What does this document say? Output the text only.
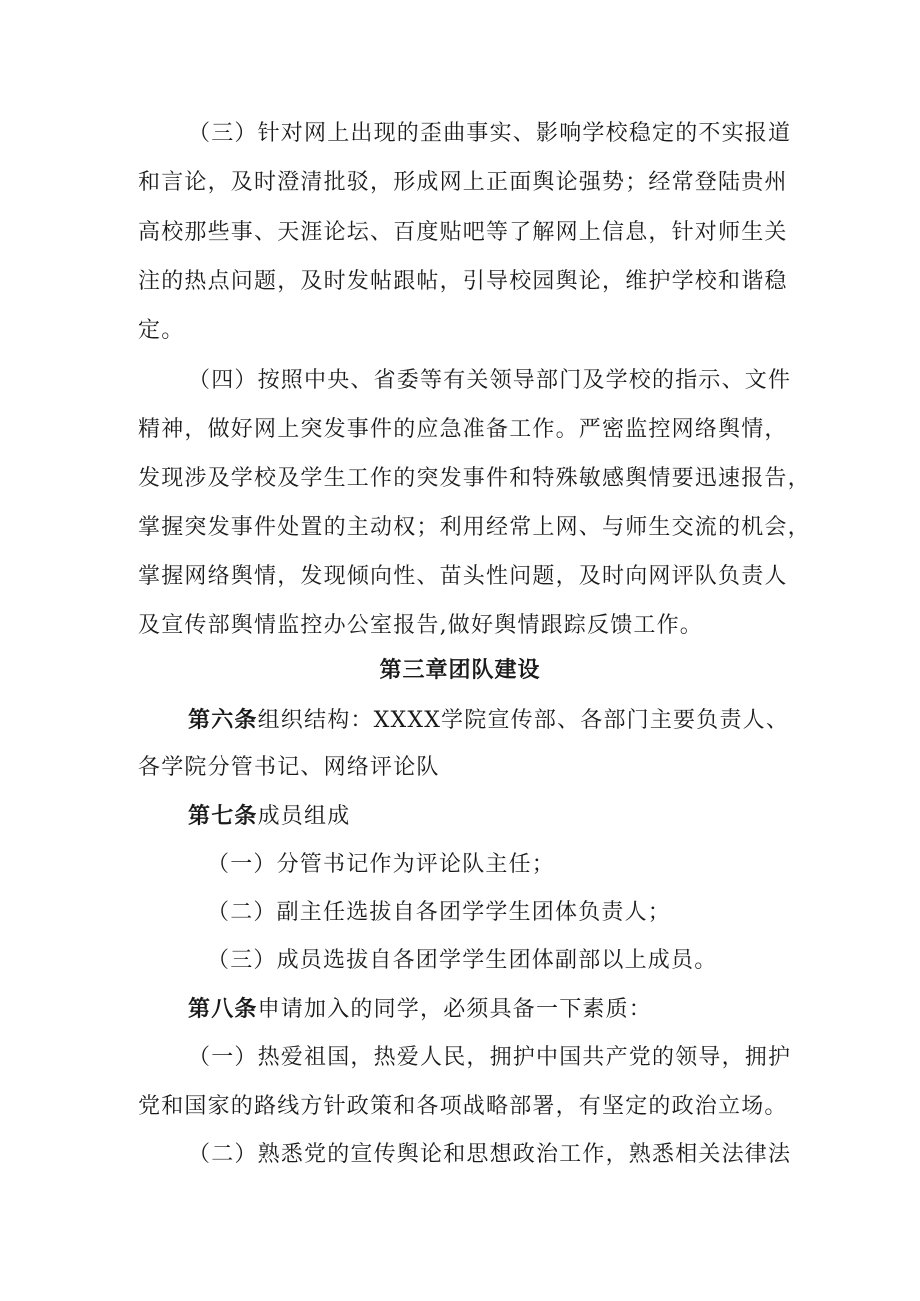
（三）针对网上出现的歪曲事实、影响学校稳定的不实报道
和言论，及时澄清批驳，形成网上正面舆论强势；经常登陆贵州
高校那些事、天涯论坛、百度贴吧等了解网上信息，针对师生关
注的热点问题，及时发帖跟帖，引导校园舆论，维护学校和谐稳
定。
（四）按照中央、省委等有关领导部门及学校的指示、文件
精神，做好网上突发事件的应急准备工作。严密监控网络舆情，
发现涉及学校及学生工作的突发事件和特殊敏感舆情要迅速报告，
掌握突发事件处置的主动权；利用经常上网、与师生交流的机会，
掌握网络舆情，发现倾向性、苗头性问题，及时向网评队负责人
及宣传部舆情监控办公室报告,做好舆情跟踪反馈工作。
第三章团队建设
第六条组织结构：XXXX学院宣传部、各部门主要负责人、
各学院分管书记、网络评论队
第七条成员组成
（一）分管书记作为评论队主任；
（二）副主任选拔自各团学学生团体负责人；
（三）成员选拔自各团学学生团体副部以上成员。
第八条申请加入的同学，必须具备一下素质：
（一）热爱祖国，热爱人民，拥护中国共产党的领导，拥护
党和国家的路线方针政策和各项战略部署，有坚定的政治立场。
（二）熟悉党的宣传舆论和思想政治工作，熟悉相关法律法
